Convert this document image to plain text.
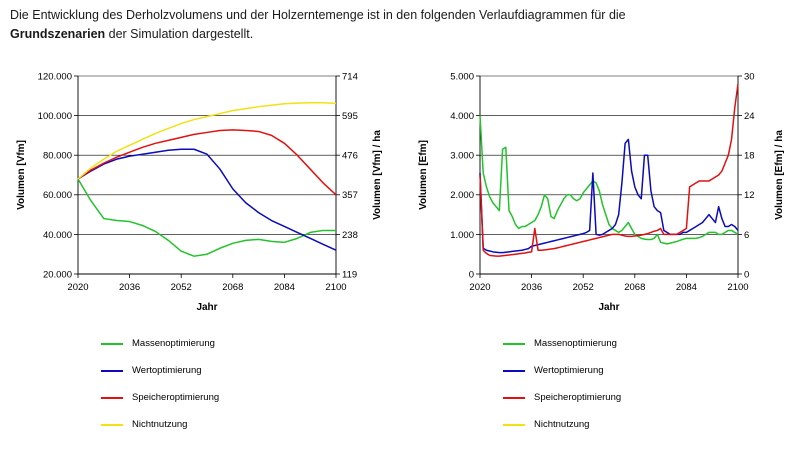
Die Entwicklung des Derholzvolumens und der Holzerntemenge ist in den folgenden Verlaufdiagrammen für die
Grundszenarien der Simulation dargestellt.
20.000
40.000
60.000
80.000
100.000
120.000
119
238
357
476
595
714
2020	2036	2052	2068	2084	2100
Jahr
Volumen [Vfm]	Volumen [Vfm] / ha
Massenoptimierung
Wertoptimierung
Speicheroptimierung
Nichtnutzung
0
1.000
2.000
3.000
4.000
5.000
0
6
12
18
24
30
2020	2036	2052	2068	2084	2100
Jahr
Volumen [Efm]	Volumen [Efm] / ha
Massenoptimierung
Wertoptimierung
Speicheroptimierung
Nichtnutzung
